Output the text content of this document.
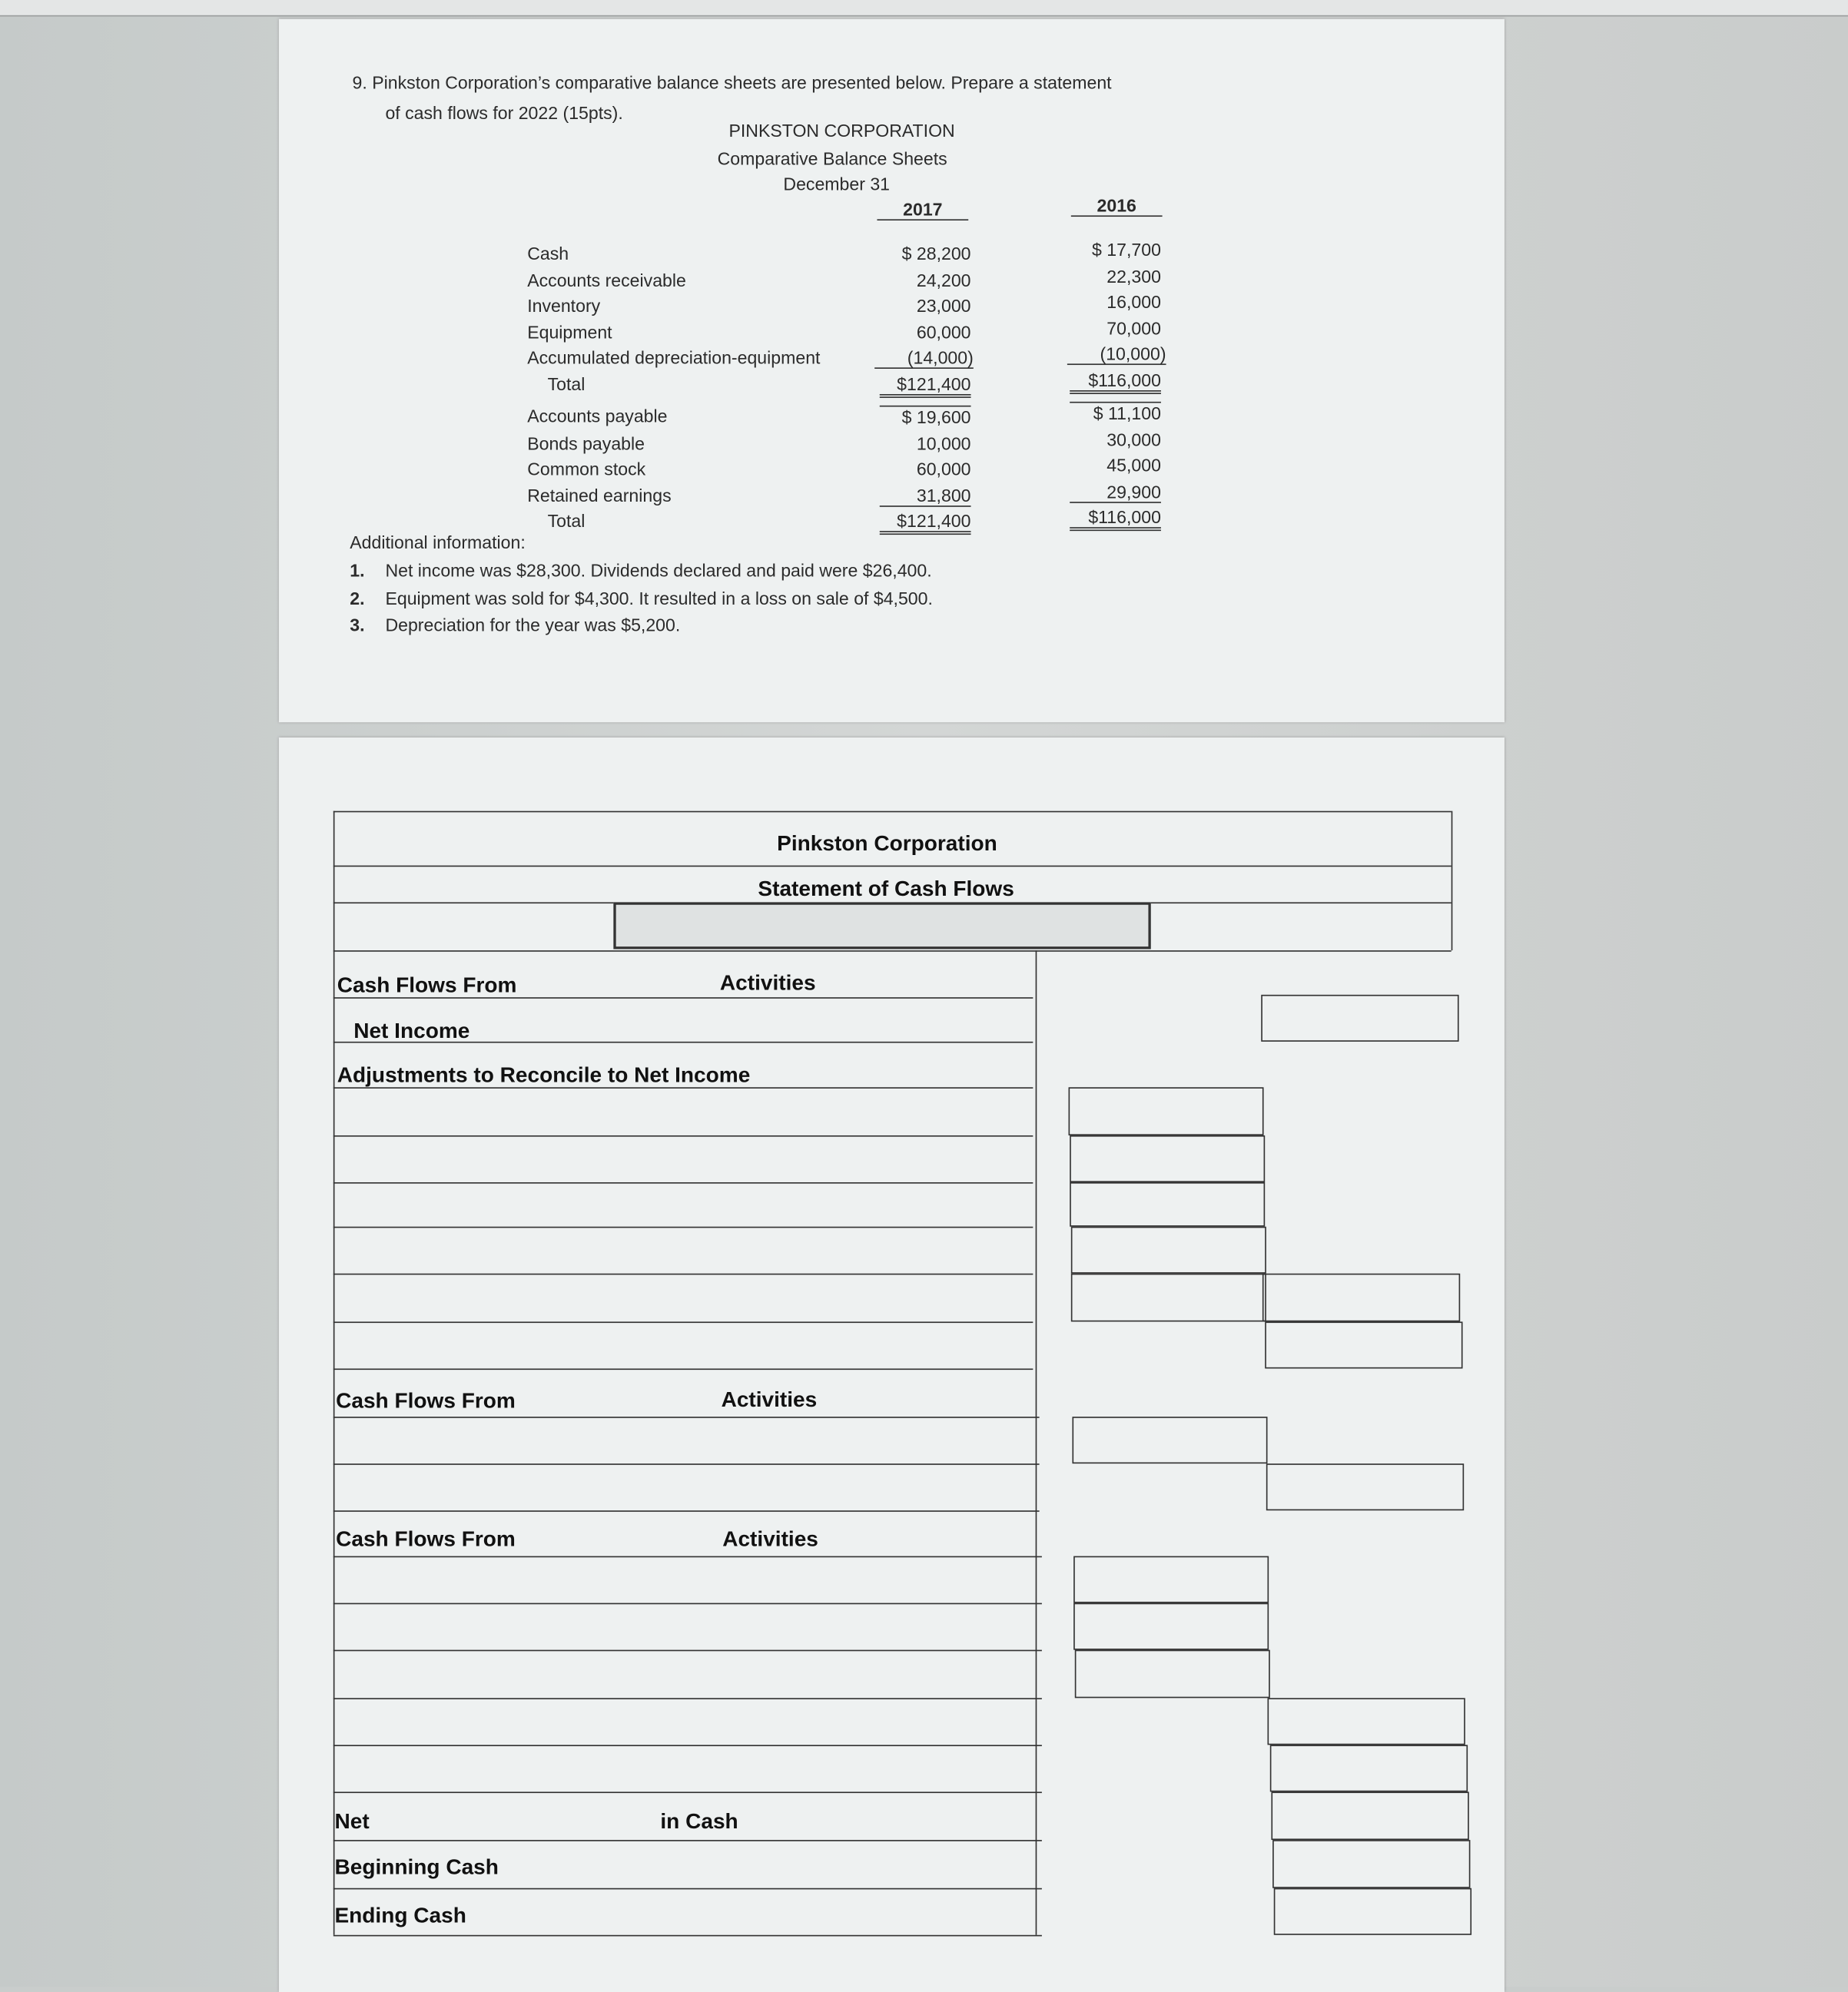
9. Pinkston Corporation’s comparative balance sheets are presented below. Prepare a statement
of cash flows for 2022 (15pts).
PINKSTON CORPORATION
Comparative Balance Sheets
December 31
2017	2016
Cash	$ 28,200	$ 17,700
Accounts receivable	24,200	22,300
Inventory	23,000	16,000
Equipment	60,000	70,000
Accumulated depreciation-equipment	(14,000)	(10,000)
Total	$121,400	$116,000
Accounts payable	$ 19,600	$ 11,100
Bonds payable	10,000	30,000
Common stock	60,000	45,000
Retained earnings	31,800	29,900
Total	$121,400	$116,000
Additional information:
1. Net income was $28,300. Dividends declared and paid were $26,400.
2. Equipment was sold for $4,300. It resulted in a loss on sale of $4,500.
3. Depreciation for the year was $5,200.
Pinkston Corporation
Statement of Cash Flows
Cash Flows From	Activities
Net Income
Adjustments to Reconcile to Net Income
Cash Flows From	Activities
Cash Flows From	Activities
Net	in Cash
Beginning Cash
Ending Cash
